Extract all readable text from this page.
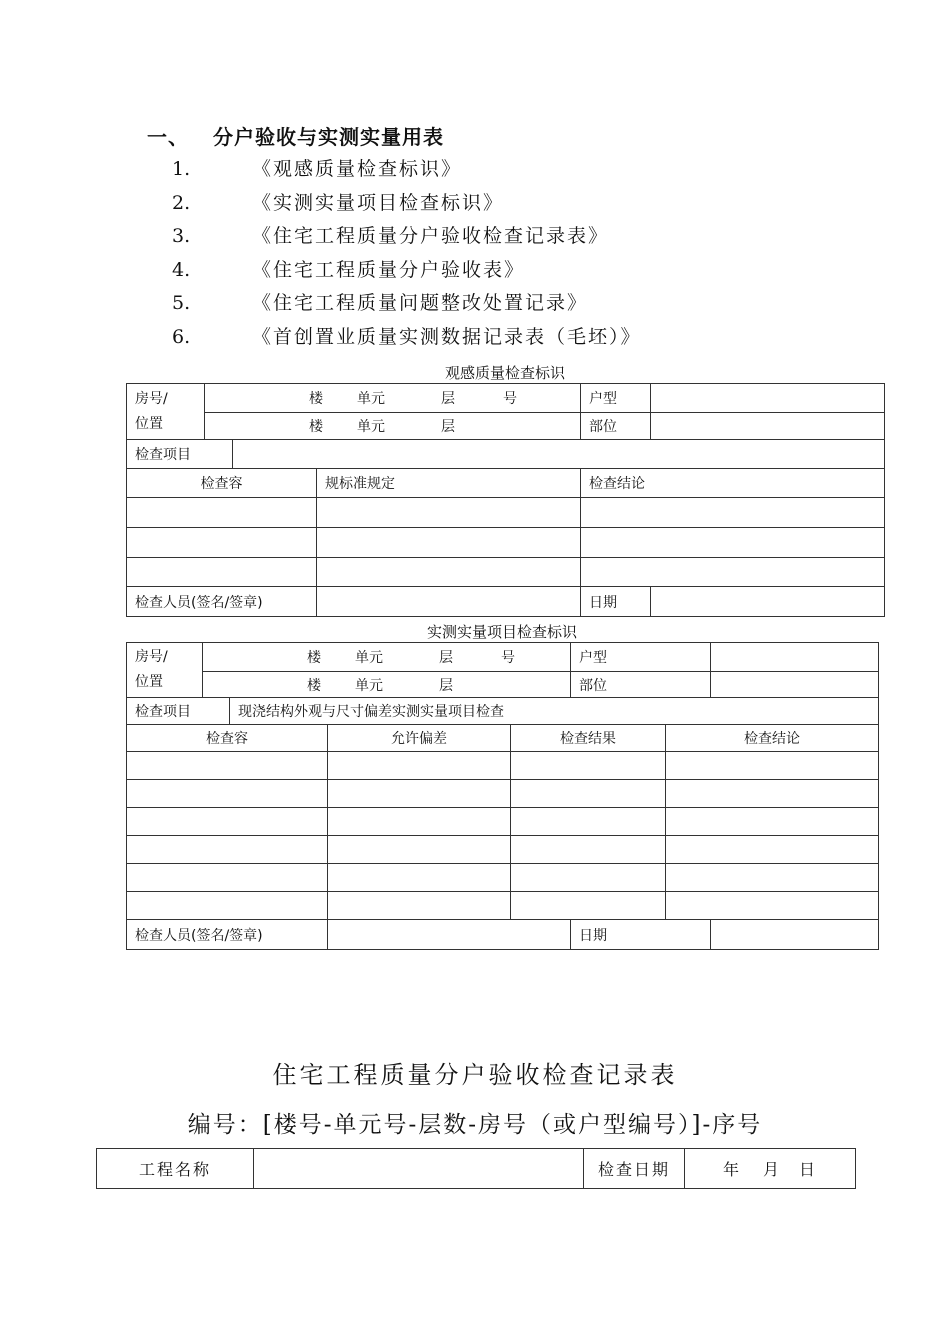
一、 分户验收与实测实量用表
1.	《观感质量检查标识》
2.	《实测实量项目检查标识》
3.	《住宅工程质量分户验收检查记录表》
4.	《住宅工程质量分户验收表》
5.	《住宅工程质量问题整改处置记录》
6.	《首创置业质量实测数据记录表（毛坯）》
观感质量检查标识
房号/
位置	楼 单元 层 号			户型	
	楼 单元 层			部位	
检查项目					
检查容			规标准规定	检查结论	

检查人员(签名/签章)				日期	
实测实量项目检查标识
房号/
位置	楼 单元 层 号				户型		
	楼 单元 层				部位		
检查项目		现浇结构外观与尺寸偏差实测实量项目检查					
检查容			允许偏差	检查结果		检查结论	

检查人员(签名/签章)					日期		
住宅工程质量分户验收检查记录表
编号：[楼号-单元号-层数-房号（或户型编号）]-序号
工程名称		检查日期	年 月 日
